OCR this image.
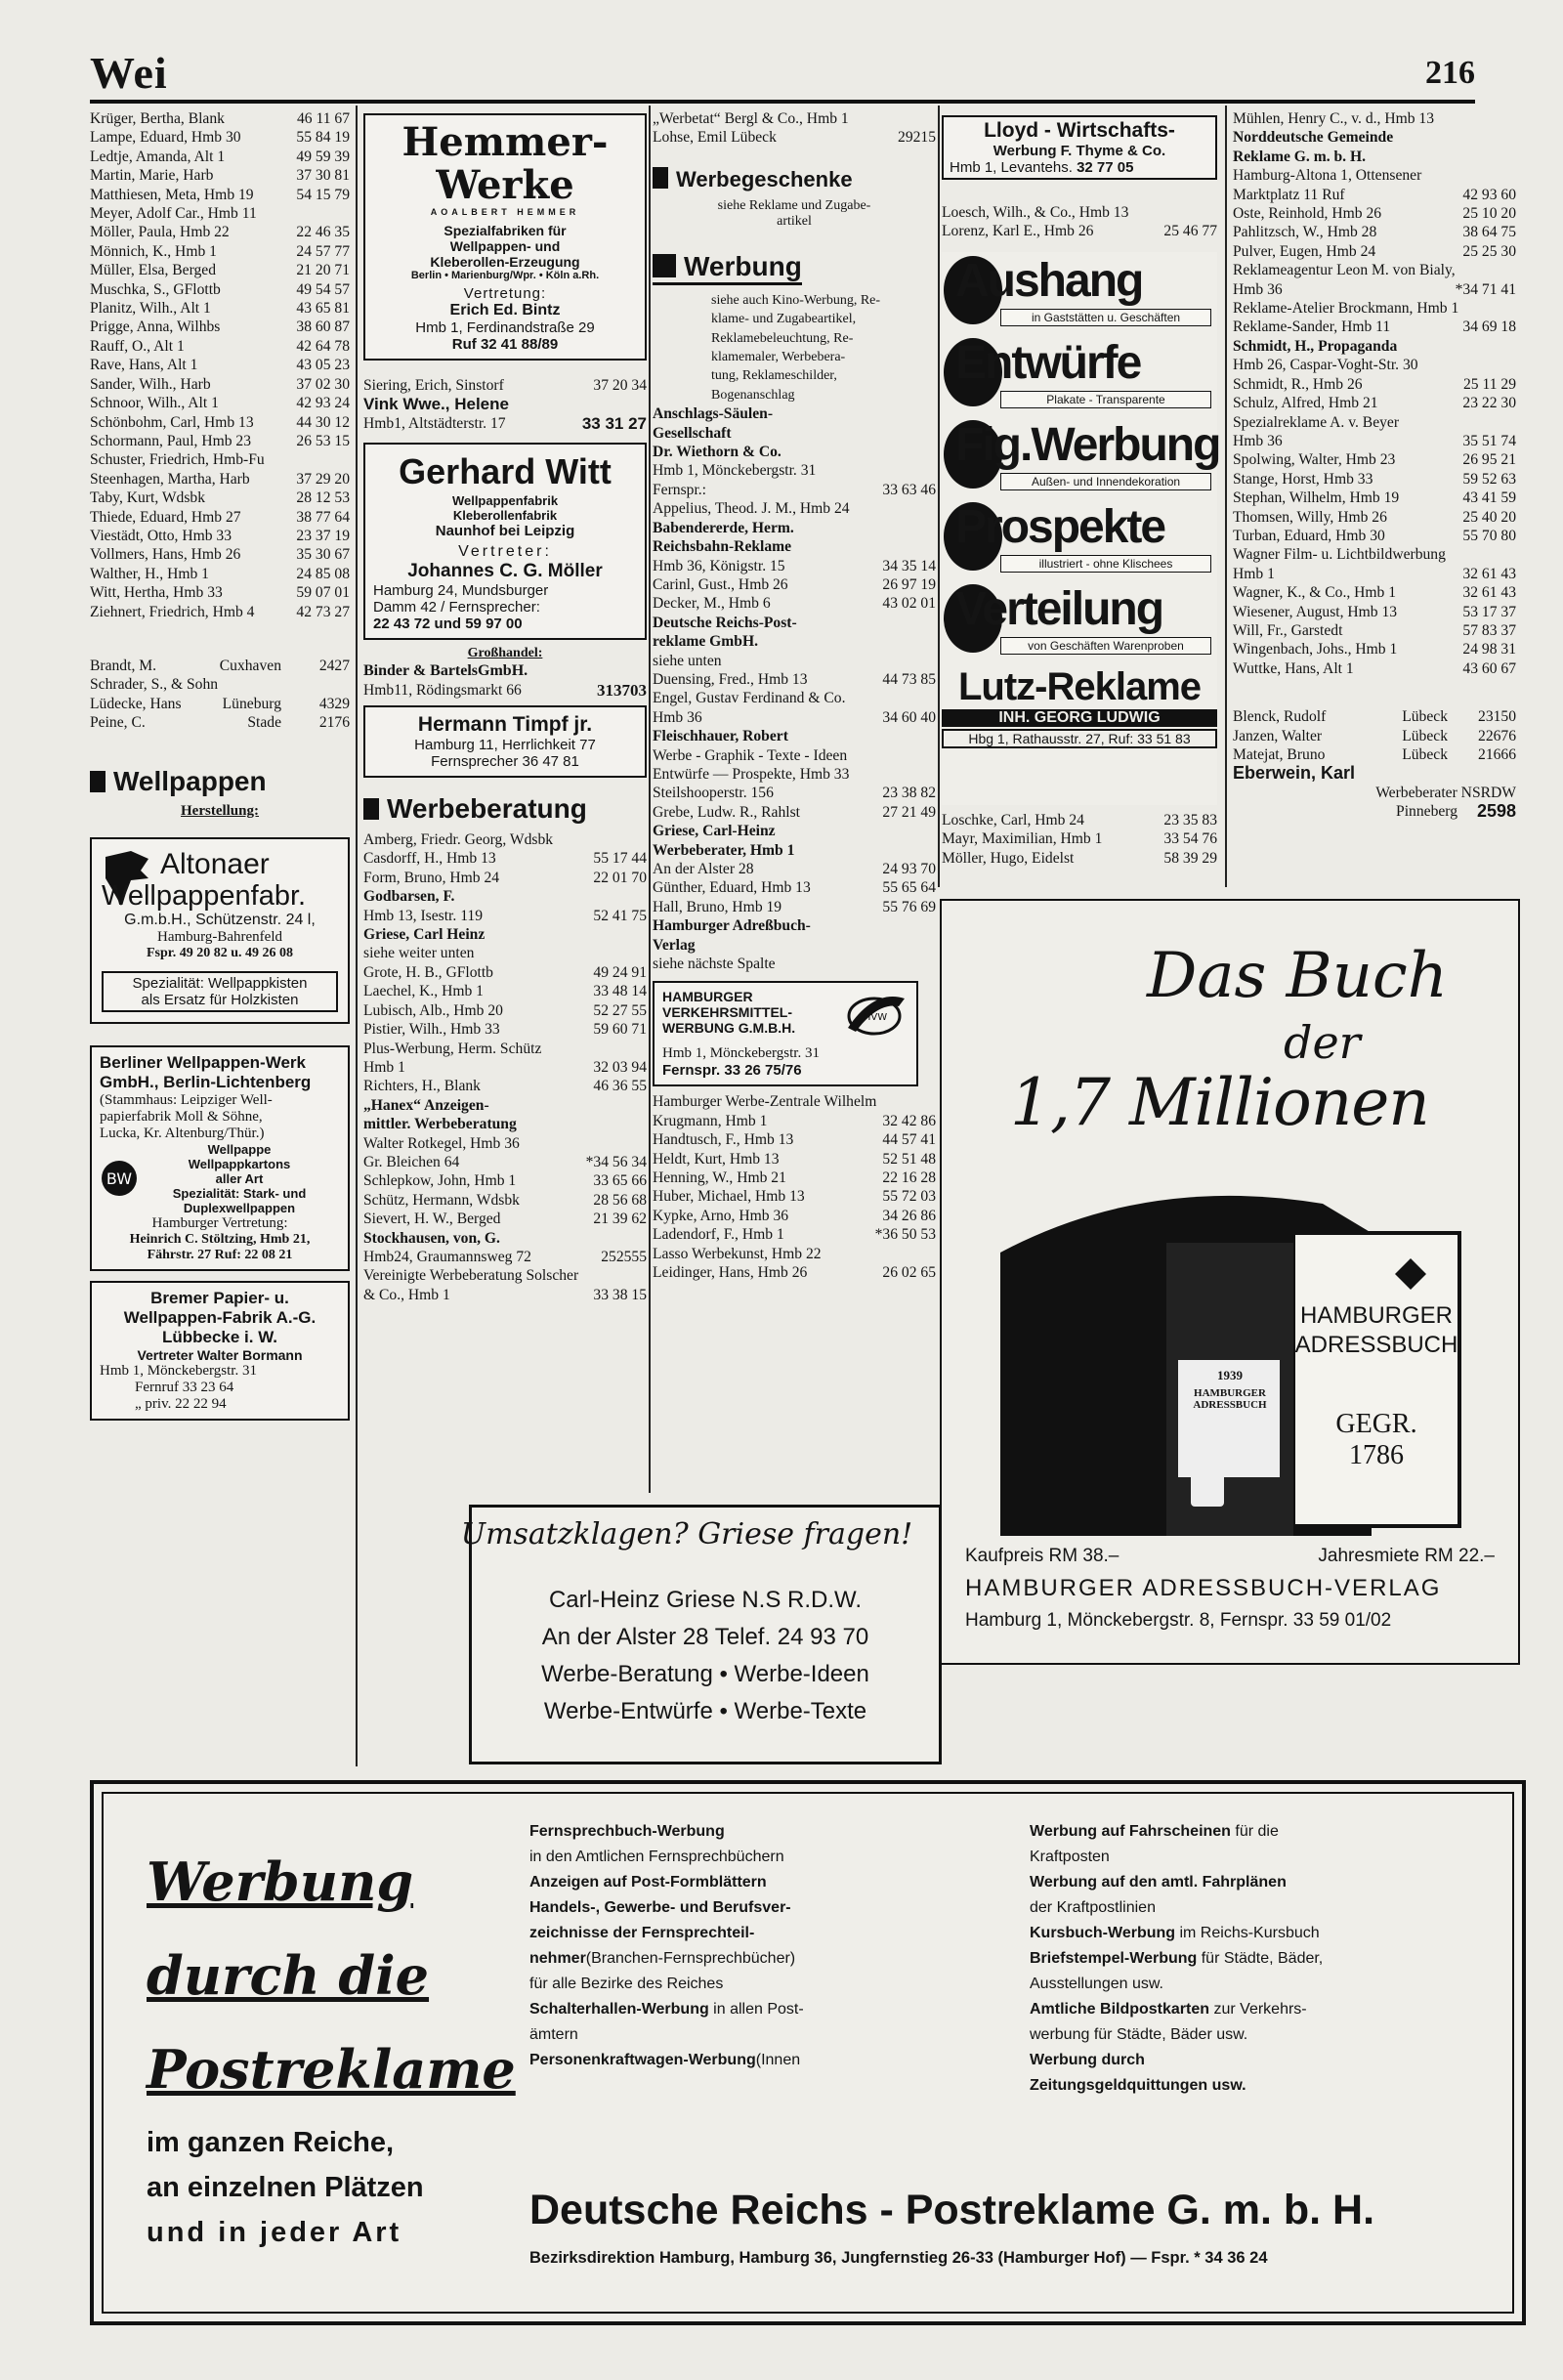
Wei	216
Krüger, Bertha, Blank	46 11 67
Lampe, Eduard, Hmb 30	55 84 19
Ledtje, Amanda, Alt 1	49 59 39
Martin, Marie, Harb	37 30 81
Matthiesen, Meta, Hmb 19	54 15 79
Meyer, Adolf Car., Hmb 11
Möller, Paula, Hmb 22	22 46 35
Mönnich, K., Hmb 1	24 57 77
Müller, Elsa, Berged	21 20 71
Muschka, S., GFlottb	49 54 57
Planitz, Wilh., Alt 1	43 65 81
Prigge, Anna, Wilhbs	38 60 87
Rauff, O., Alt 1	42 64 78
Rave, Hans, Alt 1	43 05 23
Sander, Wilh., Harb	37 02 30
Schnoor, Wilh., Alt 1	42 93 24
Schönbohm, Carl, Hmb 13	44 30 12
Schormann, Paul, Hmb 23	26 53 15
Schuster, Friedrich, Hmb-Fu
Steenhagen, Martha, Harb	37 29 20
Taby, Kurt, Wdsbk	28 12 53
Thiede, Eduard, Hmb 27	38 77 64
Viestädt, Otto, Hmb 33	23 37 19
Vollmers, Hans, Hmb 26	35 30 67
Walther, H., Hmb 1	24 85 08
Witt, Hertha, Hmb 33	59 07 01
Ziehnert, Friedrich, Hmb 4	42 73 27
Brandt, M.	Cuxhaven 2427
Schrader, S., & Sohn
Lüdecke, Hans	Lüneburg 4329
Peine, C.	Stade 2176
Wellpappen
Herstellung:
Altonaer
Wellpappenfabr.
G.m.b.H., Schützenstr. 24 l,
Hamburg-Bahrenfeld
Fspr. 49 20 82 u. 49 26 08
Spezialität: Wellpappkisten
als Ersatz für Holzkisten
Berliner Wellpappen-Werk
GmbH., Berlin-Lichtenberg
(Stammhaus: Leipziger Well-
papierfabrik Moll & Söhne,
Lucka, Kr. Altenburg/Thür.)
BW
Wellpappe
Wellpappkartons
aller Art
Spezialität: Stark- und
Duplexwellpappen
Hamburger Vertretung:
Heinrich C. Stöltzing, Hmb 21,
Fährstr. 27 Ruf: 22 08 21
Bremer Papier- u.
Wellpappen-Fabrik A.-G.
Lübbecke i. W.
Vertreter Walter Bormann
Hmb 1, Mönckebergstr. 31
Fernruf 33 23 64
„ priv. 22 22 94
Hemmer-Werke
AOALBERT HEMMER
Spezialfabriken für
Wellpappen- und
Kleberollen-Erzeugung
Berlin • Marienburg/Wpr. • Köln a.Rh.
Vertretung:
Erich Ed. Bintz
Hmb 1, Ferdinandstraße 29
Ruf 32 41 88/89
Siering, Erich, Sinstorf	37 20 34
Vink Wwe., Helene
Hmb1, Altstädterstr. 17	33 31 27
Gerhard Witt
Wellpappenfabrik
Kleberollenfabrik
Naunhof bei Leipzig
Vertreter:
Johannes C. G. Möller
Hamburg 24, Mundsburger
Damm 42 / Fernsprecher:
22 43 72 und 59 97 00
Großhandel:
Binder & BartelsGmbH.
Hmb11, Rödingsmarkt 66	313703
Hermann Timpf jr.
Hamburg 11, Herrlichkeit 77
Fernsprecher 36 47 81
Werbeberatung
Amberg, Friedr. Georg, Wdsbk
Casdorff, H., Hmb 13	55 17 44
Form, Bruno, Hmb 24	22 01 70
Godbarsen, F.
Hmb 13, Isestr. 119	52 41 75
Griese, Carl Heinz
siehe weiter unten
Grote, H. B., GFlottb	49 24 91
Laechel, K., Hmb 1	33 48 14
Lubisch, Alb., Hmb 20	52 27 55
Pistier, Wilh., Hmb 33	59 60 71
Plus-Werbung, Herm. Schütz
Hmb 1	32 03 94
Richters, H., Blank	46 36 55
„Hanex“ Anzeigen-
mittler. Werbeberatung
Walter Rotkegel, Hmb 36
Gr. Bleichen 64	*34 56 34
Schlepkow, John, Hmb 1	33 65 66
Schütz, Hermann, Wdsbk	28 56 68
Sievert, H. W., Berged	21 39 62
Stockhausen, von, G.
Hmb24, Graumannsweg 72	252555
Vereinigte Werbeberatung Solscher
& Co., Hmb 1	33 38 15
„Werbetat“ Bergl & Co., Hmb 1
Lohse, Emil Lübeck	29215
Werbegeschenke
siehe Reklame und Zugabe-
artikel
Werbung
siehe auch Kino-Werbung, Re-
klame- und Zugabeartikel,
Reklamebeleuchtung, Re-
klamemaler, Werbebera-
tung, Reklameschilder,
Bogenanschlag
Anschlags-Säulen-
Gesellschaft
Dr. Wiethorn & Co.
Hmb 1, Mönckebergstr. 31
Fernspr.:	33 63 46
Appelius, Theod. J. M., Hmb 24
Babendererde, Herm.
Reichsbahn-Reklame
Hmb 36, Königstr. 15	34 35 14
Carinl, Gust., Hmb 26	26 97 19
Decker, M., Hmb 6	43 02 01
Deutsche Reichs-Post-
reklame GmbH.
siehe unten
Duensing, Fred., Hmb 13	44 73 85
Engel, Gustav Ferdinand & Co.
Hmb 36	34 60 40
Fleischhauer, Robert
Werbe - Graphik - Texte - Ideen
Entwürfe — Prospekte, Hmb 33
Steilshooperstr. 156	23 38 82
Grebe, Ludw. R., Rahlst	27 21 49
Griese, Carl-Heinz
Werbeberater, Hmb 1
An der Alster 28	24 93 70
Günther, Eduard, Hmb 13	55 65 64
Hall, Bruno, Hmb 19	55 76 69
Hamburger Adreßbuch-
Verlag
siehe nächste Spalte
HAMBURGER
VERKEHRSMITTEL-
WERBUNG G.M.B.H.
HVW
Hmb 1, Mönckebergstr. 31
Fernspr. 33 26 75/76
Hamburger Werbe-Zentrale Wilhelm
Krugmann, Hmb 1	32 42 86
Handtusch, F., Hmb 13	44 57 41
Heldt, Kurt, Hmb 13	52 51 48
Henning, W., Hmb 21	22 16 28
Huber, Michael, Hmb 13	55 72 03
Kypke, Arno, Hmb 36	34 26 86
Ladendorf, F., Hmb 1	*36 50 53
Lasso Werbekunst, Hmb 22
Leidinger, Hans, Hmb 26	26 02 65
Lloyd - Wirtschafts-
Werbung F. Thyme & Co.
Hmb 1, Levantehs. 32 77 05
Loesch, Wilh., & Co., Hmb 13
Lorenz, Karl E., Hmb 26	25 46 77
Aushang
in Gaststätten u. Geschäften
Entwürfe
Plakate - Transparente
Fig.Werbung
Außen- und Innendekoration
Prospekte
illustriert - ohne Klischees
Verteilung
von Geschäften Warenproben
Lutz-Reklame
INH. GEORG LUDWIG
Hbg 1, Rathausstr. 27, Ruf: 33 51 83
Loschke, Carl, Hmb 24	23 35 83
Mayr, Maximilian, Hmb 1	33 54 76
Möller, Hugo, Eidelst	58 39 29
Mühlen, Henry C., v. d., Hmb 13
Norddeutsche Gemeinde
Reklame G. m. b. H.
Hamburg-Altona 1, Ottensener
Marktplatz 11 Ruf	42 93 60
Oste, Reinhold, Hmb 26	25 10 20
Pahlitzsch, W., Hmb 28	38 64 75
Pulver, Eugen, Hmb 24	25 25 30
Reklameagentur Leon M. von Bialy,
Hmb 36	*34 71 41
Reklame-Atelier Brockmann, Hmb 1
Reklame-Sander, Hmb 11	34 69 18
Schmidt, H., Propaganda
Hmb 26, Caspar-Voght-Str. 30
Schmidt, R., Hmb 26	25 11 29
Schulz, Alfred, Hmb 21	23 22 30
Spezialreklame A. v. Beyer
Hmb 36	35 51 74
Spolwing, Walter, Hmb 23	26 95 21
Stange, Horst, Hmb 33	59 52 63
Stephan, Wilhelm, Hmb 19	43 41 59
Thomsen, Willy, Hmb 26	25 40 20
Turban, Eduard, Hmb 30	55 70 80
Wagner Film- u. Lichtbildwerbung
Hmb 1	32 61 43
Wagner, K., & Co., Hmb 1	32 61 43
Wiesener, August, Hmb 13	53 17 37
Will, Fr., Garstedt	57 83 37
Wingenbach, Johs., Hmb 1	24 98 31
Wuttke, Hans, Alt 1	43 60 67
Blenck, Rudolf	Lübeck 23150
Janzen, Walter	Lübeck 22676
Matejat, Bruno	Lübeck 21666
Eberwein, Karl
Werbeberater NSRDW
Pinneberg 2598
Das Buch
der
1,7 Millionen
1939
HAMBURGER ADRESSBUCH
HAMBURGER
ADRESSBUCH
GEGR.
1786
Kaufpreis RM 38.–	Jahresmiete RM 22.–
HAMBURGER ADRESSBUCH-VERLAG
Hamburg 1, Mönckebergstr. 8, Fernspr. 33 59 01/02
Umsatzklagen? Griese fragen!
Carl-Heinz Griese N.S R.D.W.
An der Alster 28 Telef. 24 93 70
Werbe-Beratung • Werbe-Ideen
Werbe-Entwürfe • Werbe-Texte
Werbung
durch die
Postreklame
im ganzen Reiche,
an einzelnen Plätzen
und in jeder Art
Fernsprechbuch-Werbung
in den Amtlichen Fernsprechbüchern
Anzeigen auf Post-Formblättern
Handels-, Gewerbe- und Berufsver-
zeichnisse der Fernsprechteil-
nehmer(Branchen-Fernsprechbücher)
für alle Bezirke des Reiches
Schalterhallen-Werbung in allen Post-
ämtern
Personenkraftwagen-Werbung(Innen
Werbung auf Fahrscheinen für die
Kraftposten
Werbung auf den amtl. Fahrplänen
der Kraftpostlinien
Kursbuch-Werbung im Reichs-Kursbuch
Briefstempel-Werbung für Städte, Bäder,
Ausstellungen usw.
Amtliche Bildpostkarten zur Verkehrs-
werbung für Städte, Bäder usw.
Werbung durch
Zeitungsgeldquittungen usw.
Deutsche Reichs - Postreklame G. m. b. H.
Bezirksdirektion Hamburg, Hamburg 36, Jungfernstieg 26-33 (Hamburger Hof) — Fspr. * 34 36 24
